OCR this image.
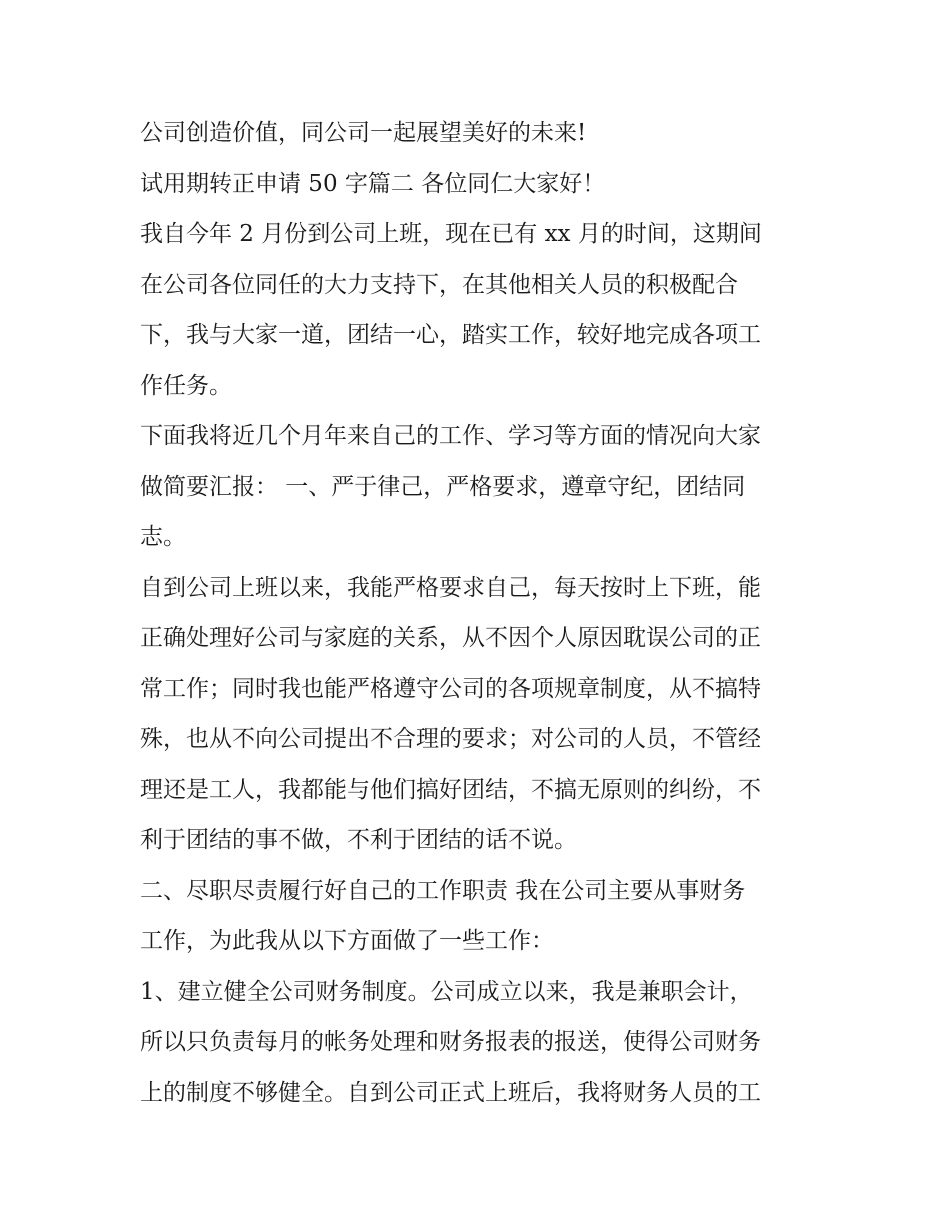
公司创造价值，同公司一起展望美好的未来!
试用期转正申请 50 字篇二 各位同仁大家好！
我自今年 2 月份到公司上班，现在已有 xx 月的时间，这期间
在公司各位同任的大力支持下，在其他相关人员的积极配合
下，我与大家一道，团结一心，踏实工作，较好地完成各项工
作任务。
下面我将近几个月年来自己的工作、学习等方面的情况向大家
做简要汇报： 一、严于律己，严格要求，遵章守纪，团结同
志。
自到公司上班以来，我能严格要求自己，每天按时上下班，能
正确处理好公司与家庭的关系，从不因个人原因耽误公司的正
常工作；同时我也能严格遵守公司的各项规章制度，从不搞特
殊，也从不向公司提出不合理的要求；对公司的人员，不管经
理还是工人，我都能与他们搞好团结，不搞无原则的纠纷，不
利于团结的事不做，不利于团结的话不说。
二、尽职尽责履行好自己的工作职责 我在公司主要从事财务
工作，为此我从以下方面做了一些工作：
1、建立健全公司财务制度。公司成立以来，我是兼职会计，
所以只负责每月的帐务处理和财务报表的报送，使得公司财务
上的制度不够健全。自到公司正式上班后，我将财务人员的工
